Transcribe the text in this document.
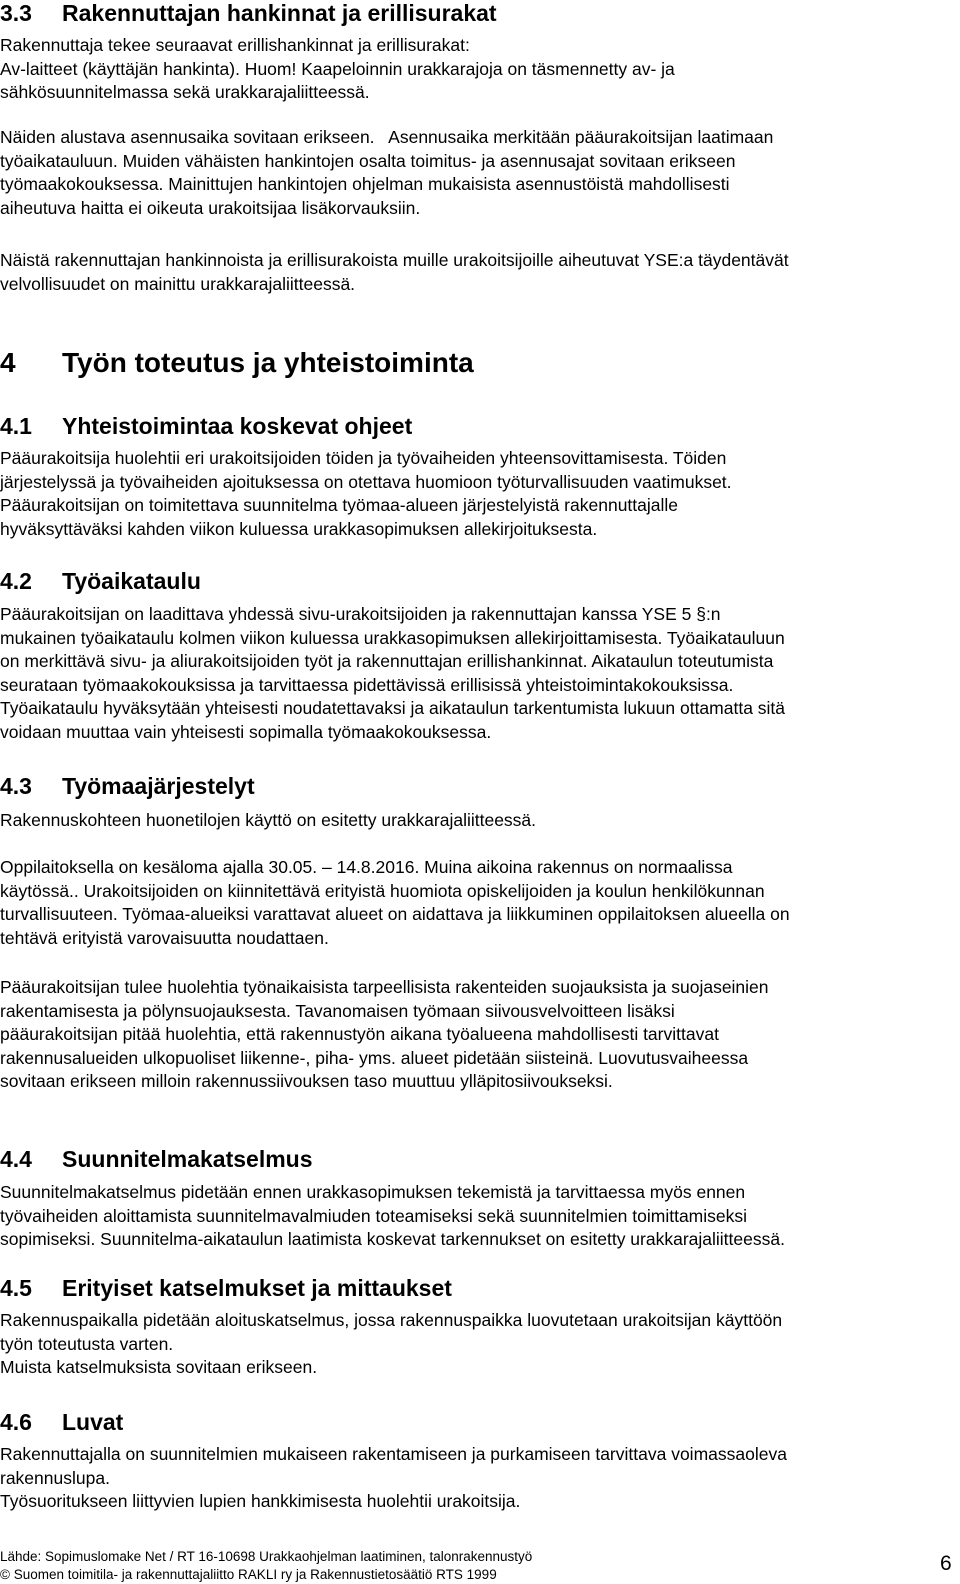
3.3 Rakennuttajan hankinnat ja erillisurakat
Rakennuttaja tekee seuraavat erillishankinnat ja erillisurakat:
Av-laitteet (käyttäjän hankinta). Huom! Kaapeloinnin urakkarajoja on täsmennetty av- ja
sähkösuunnitelmassa sekä urakkarajaliitteessä.
Näiden alustava asennusaika sovitaan erikseen.   Asennusaika merkitään pääurakoitsijan laatimaan
työaikatauluun. Muiden vähäisten hankintojen osalta toimitus- ja asennusajat sovitaan erikseen
työmaakokouksessa. Mainittujen hankintojen ohjelman mukaisista asennustöistä mahdollisesti
aiheutuva haitta ei oikeuta urakoitsijaa lisäkorvauksiin.
Näistä rakennuttajan hankinnoista ja erillisurakoista muille urakoitsijoille aiheutuvat YSE:a täydentävät
velvollisuudet on mainittu urakkarajaliitteessä.
4 Työn toteutus ja yhteistoiminta
4.1 Yhteistoimintaa koskevat ohjeet
Pääurakoitsija huolehtii eri urakoitsijoiden töiden ja työvaiheiden yhteensovittamisesta. Töiden
järjestelyssä ja työvaiheiden ajoituksessa on otettava huomioon työturvallisuuden vaatimukset.
Pääurakoitsijan on toimitettava suunnitelma työmaa-alueen järjestelyistä rakennuttajalle
hyväksyttäväksi kahden viikon kuluessa urakkasopimuksen allekirjoituksesta.
4.2 Työaikataulu
Pääurakoitsijan on laadittava yhdessä sivu-urakoitsijoiden ja rakennuttajan kanssa YSE 5 §:n
mukainen työaikataulu kolmen viikon kuluessa urakkasopimuksen allekirjoittamisesta. Työaikatauluun
on merkittävä sivu- ja aliurakoitsijoiden työt ja rakennuttajan erillishankinnat. Aikataulun toteutumista
seurataan työmaakokouksissa ja tarvittaessa pidettävissä erillisissä yhteistoimintakokouksissa.
Työaikataulu hyväksytään yhteisesti noudatettavaksi ja aikataulun tarkentumista lukuun ottamatta sitä
voidaan muuttaa vain yhteisesti sopimalla työmaakokouksessa.
4.3 Työmaajärjestelyt
Rakennuskohteen huonetilojen käyttö on esitetty urakkarajaliitteessä.
Oppilaitoksella on kesäloma ajalla 30.05. – 14.8.2016. Muina aikoina rakennus on normaalissa
käytössä.. Urakoitsijoiden on kiinnitettävä erityistä huomiota opiskelijoiden ja koulun henkilökunnan
turvallisuuteen. Työmaa-alueiksi varattavat alueet on aidattava ja liikkuminen oppilaitoksen alueella on
tehtävä erityistä varovaisuutta noudattaen.
Pääurakoitsijan tulee huolehtia työnaikaisista tarpeellisista rakenteiden suojauksista ja suojaseinien
rakentamisesta ja pölynsuojauksesta. Tavanomaisen työmaan siivousvelvoitteen lisäksi
pääurakoitsijan pitää huolehtia, että rakennustyön aikana työalueena mahdollisesti tarvittavat
rakennusalueiden ulkopuoliset liikenne-, piha- yms. alueet pidetään siisteinä. Luovutusvaiheessa
sovitaan erikseen milloin rakennussiivouksen taso muuttuu ylläpitosiivoukseksi.
4.4 Suunnitelmakatselmus
Suunnitelmakatselmus pidetään ennen urakkasopimuksen tekemistä ja tarvittaessa myös ennen
työvaiheiden aloittamista suunnitelmavalmiuden toteamiseksi sekä suunnitelmien toimittamiseksi
sopimiseksi. Suunnitelma-aikataulun laatimista koskevat tarkennukset on esitetty urakkarajaliitteessä.
4.5 Erityiset katselmukset ja mittaukset
Rakennuspaikalla pidetään aloituskatselmus, jossa rakennuspaikka luovutetaan urakoitsijan käyttöön
työn toteutusta varten.
Muista katselmuksista sovitaan erikseen.
4.6 Luvat
Rakennuttajalla on suunnitelmien mukaiseen rakentamiseen ja purkamiseen tarvittava voimassaoleva
rakennuslupa.
Työsuoritukseen liittyvien lupien hankkimisesta huolehtii urakoitsija.
Lähde: Sopimuslomake Net / RT 16-10698 Urakkaohjelman laatiminen, talonrakennustyö
© Suomen toimitila- ja rakennuttajaliitto RAKLI ry ja Rakennustietosäätiö RTS 1999	6
